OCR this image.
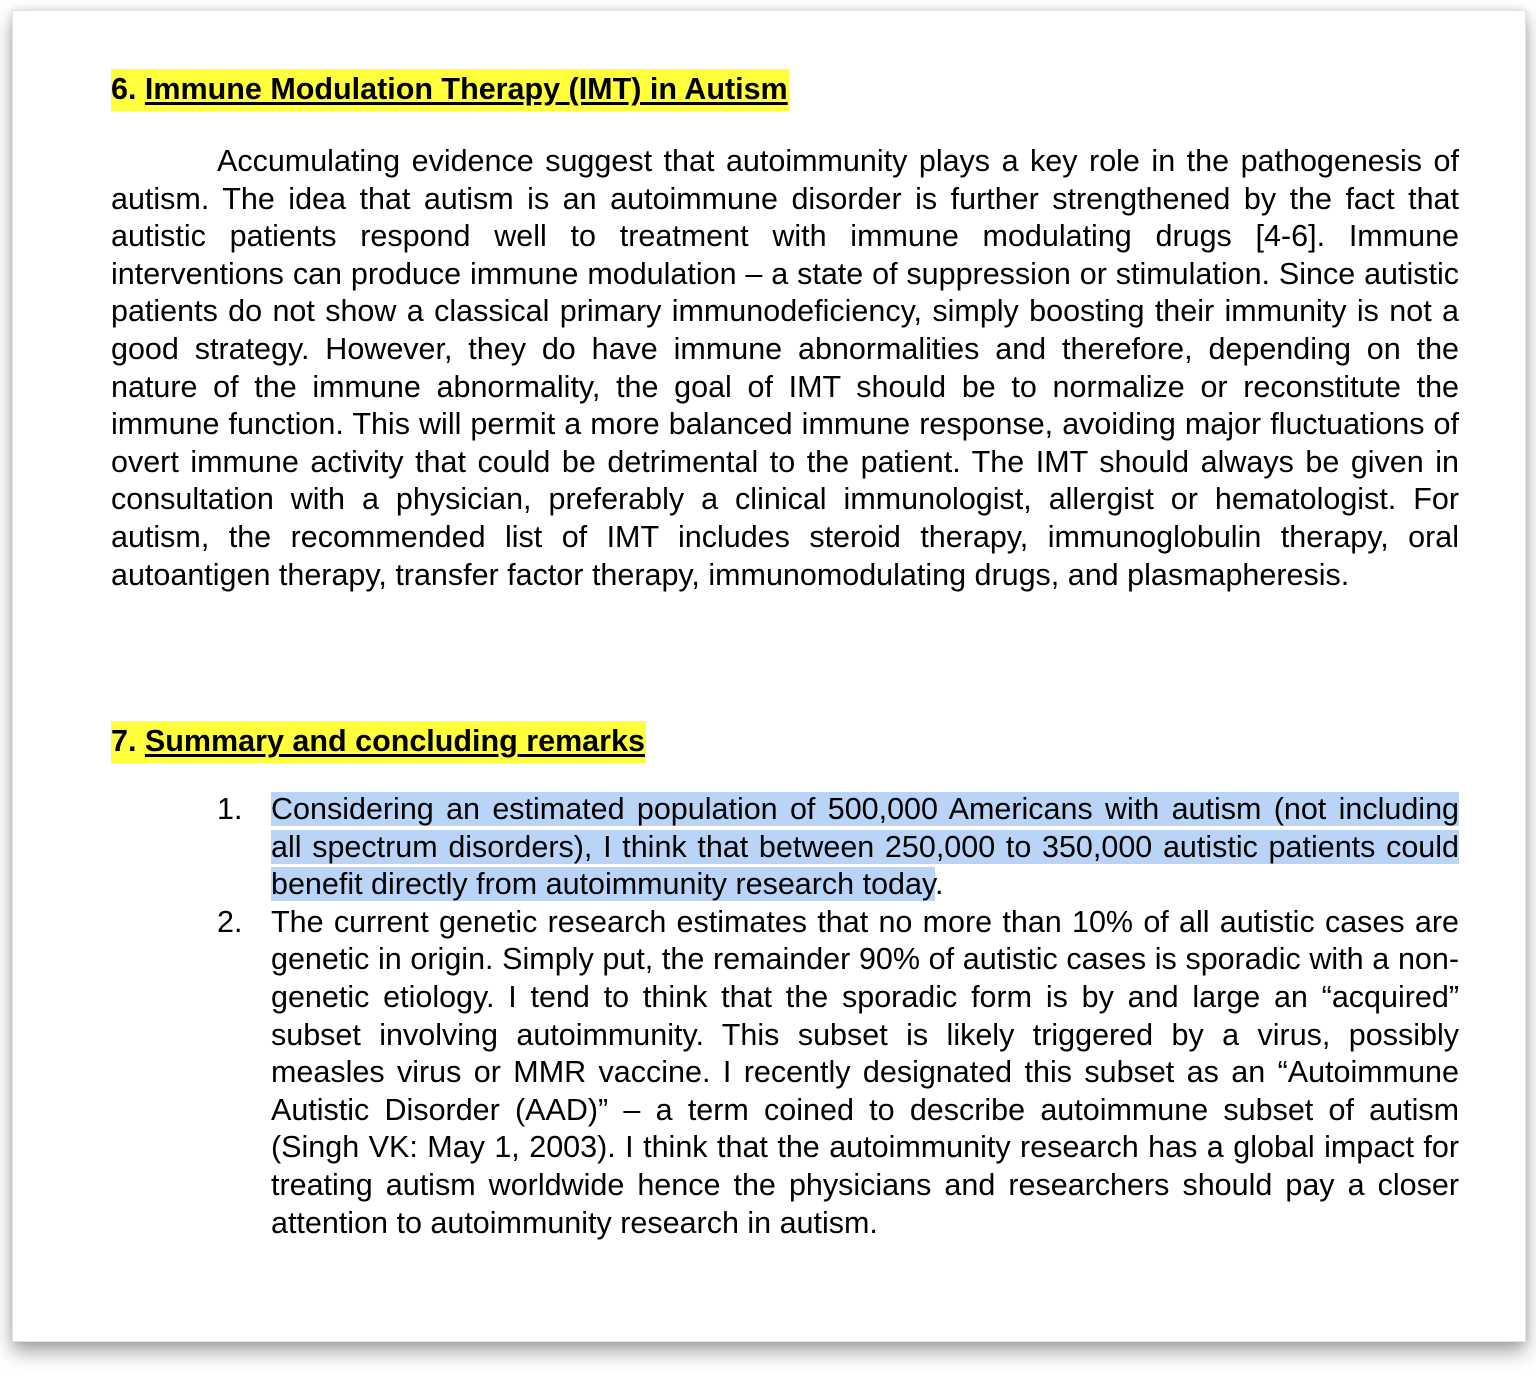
6. Immune Modulation Therapy (IMT) in Autism

Accumulating evidence suggest that autoimmunity plays a key role in the pathogenesis of autism. The idea that autism is an autoimmune disorder is further strengthened by the fact that autistic patients respond well to treatment with immune modulating drugs [4-6]. Immune interventions can produce immune modulation – a state of suppression or stimulation. Since autistic patients do not show a classical primary immunodeficiency, simply boosting their immunity is not a good strategy. However, they do have immune abnormalities and therefore, depending on the nature of the immune abnormality, the goal of IMT should be to normalize or reconstitute the immune function. This will permit a more balanced immune response, avoiding major fluctuations of overt immune activity that could be detrimental to the patient. The IMT should always be given in consultation with a physician, preferably a clinical immunologist, allergist or hematologist. For autism, the recommended list of IMT includes steroid therapy, immunoglobulin therapy, oral autoantigen therapy, transfer factor therapy, immunomodulating drugs, and plasmapheresis.

7. Summary and concluding remarks
1. Considering an estimated population of 500,000 Americans with autism (not including all spectrum disorders), I think that between 250,000 to 350,000 autistic patients could benefit directly from autoimmunity research today.
2. The current genetic research estimates that no more than 10% of all autistic cases are genetic in origin. Simply put, the remainder 90% of autistic cases is sporadic with a non-genetic etiology. I tend to think that the sporadic form is by and large an “acquired” subset involving autoimmunity. This subset is likely triggered by a virus, possibly measles virus or MMR vaccine. I recently designated this subset as an “Autoimmune Autistic Disorder (AAD)” – a term coined to describe autoimmune subset of autism (Singh VK: May 1, 2003). I think that the autoimmunity research has a global impact for treating autism worldwide hence the physicians and researchers should pay a closer attention to autoimmunity research in autism.
